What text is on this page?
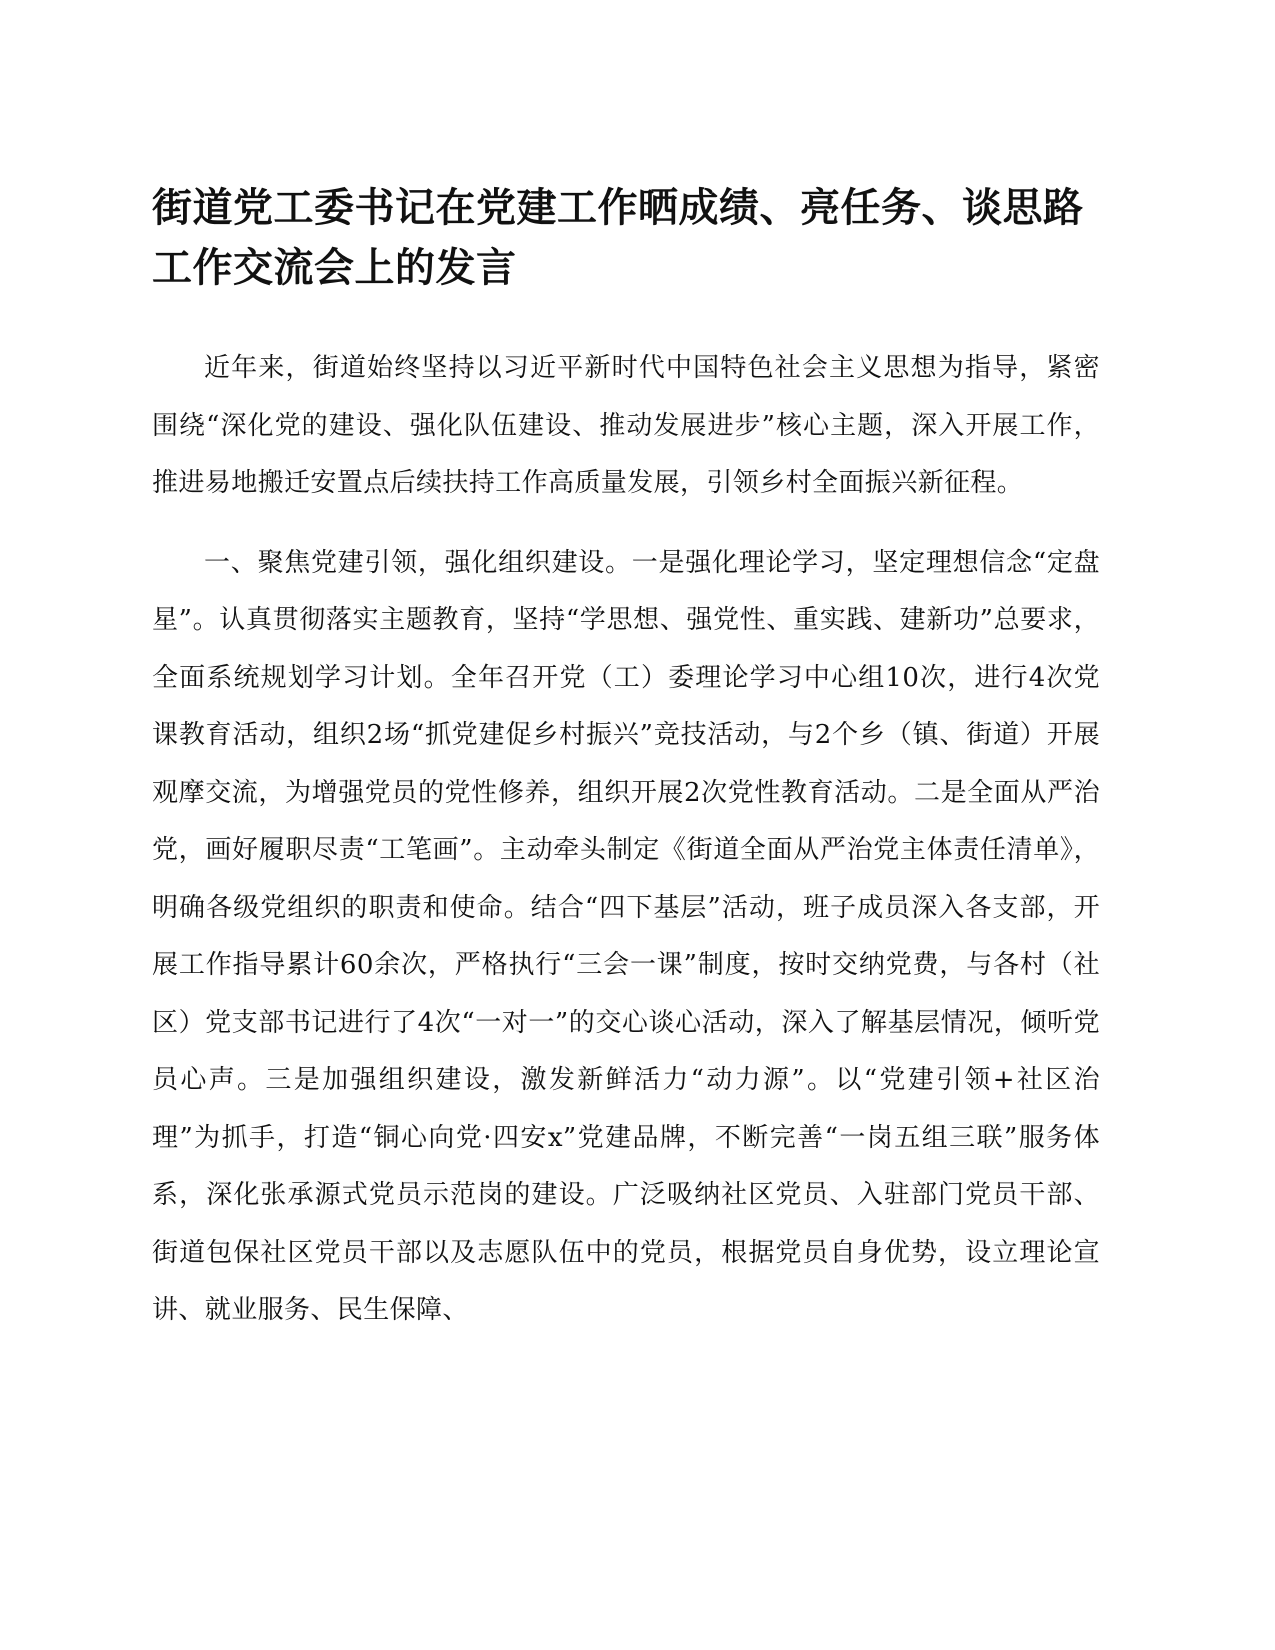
街道党工委书记在党建工作晒成绩、亮任务、谈思路工作交流会上的发言

近年来，街道始终坚持以习近平新时代中国特色社会主义思想为指导，紧密围绕“深化党的建设、强化队伍建设、推动发展进步”核心主题，深入开展工作，推进易地搬迁安置点后续扶持工作高质量发展，引领乡村全面振兴新征程。

一、聚焦党建引领，强化组织建设。一是强化理论学习，坚定理想信念“定盘星”。认真贯彻落实主题教育，坚持“学思想、强党性、重实践、建新功”总要求，全面系统规划学习计划。全年召开党（工）委理论学习中心组10次，进行4次党课教育活动，组织2场“抓党建促乡村振兴”竞技活动，与2个乡（镇、街道）开展观摩交流，为增强党员的党性修养，组织开展2次党性教育活动。二是全面从严治党，画好履职尽责“工笔画”。主动牵头制定《街道全面从严治党主体责任清单》，明确各级党组织的职责和使命。结合“四下基层”活动，班子成员深入各支部，开展工作指导累计60余次，严格执行“三会一课”制度，按时交纳党费，与各村（社区）党支部书记进行了4次“一对一”的交心谈心活动，深入了解基层情况，倾听党员心声。三是加强组织建设，激发新鲜活力“动力源”。以“党建引领+社区治理”为抓手，打造“铜心向党·四安x”党建品牌，不断完善“一岗五组三联”服务体系，深化张承源式党员示范岗的建设。广泛吸纳社区党员、入驻部门党员干部、街道包保社区党员干部以及志愿队伍中的党员，根据党员自身优势，设立理论宣讲、就业服务、民生保障、
